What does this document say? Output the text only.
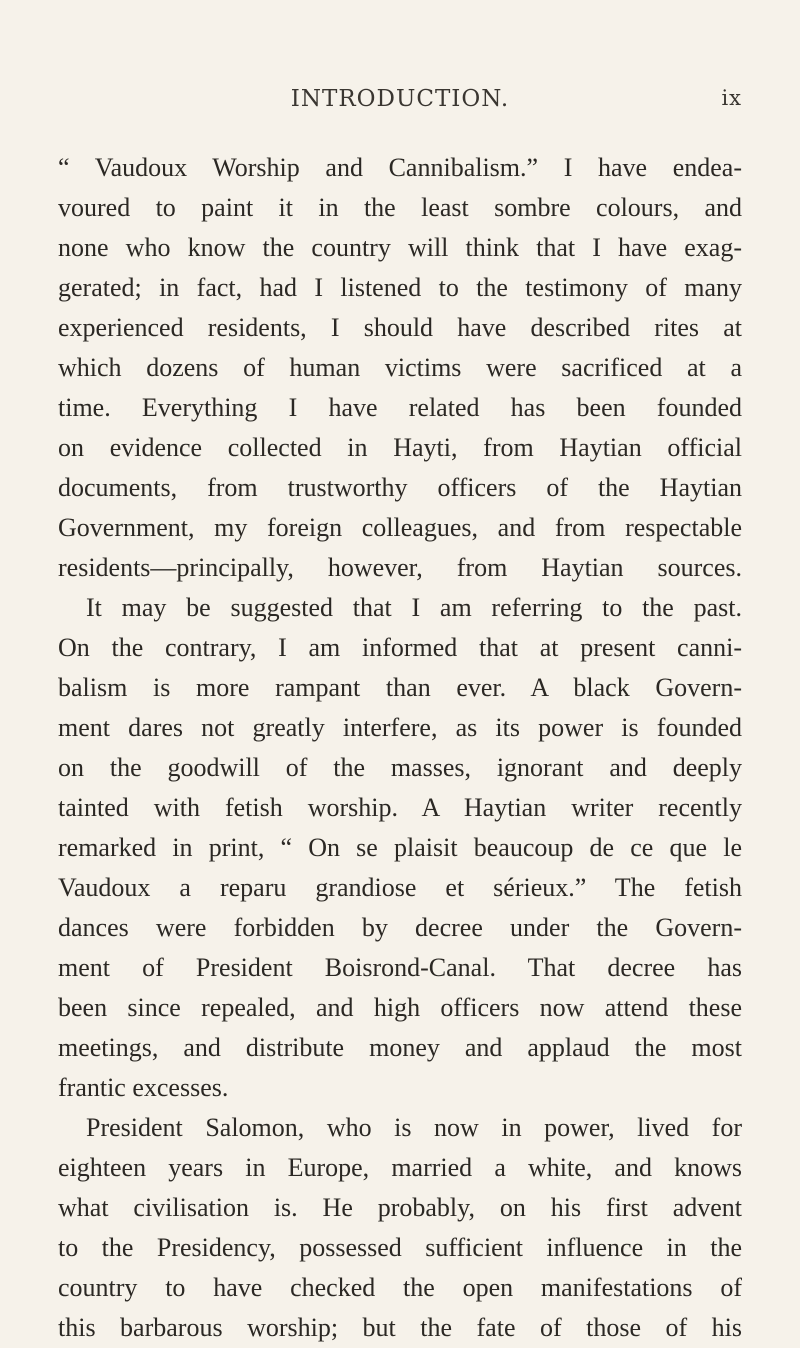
INTRODUCTION.	ix
“ Vaudoux Worship and Cannibalism.” I have endea-
voured to paint it in the least sombre colours, and
none who know the country will think that I have exag-
gerated; in fact, had I listened to the testimony of many
experienced residents, I should have described rites at
which dozens of human victims were sacrificed at a
time. Everything I have related has been founded
on evidence collected in Hayti, from Haytian official
documents, from trustworthy officers of the Haytian
Government, my foreign colleagues, and from respectable
residents—principally, however, from Haytian sources.
It may be suggested that I am referring to the past.
On the contrary, I am informed that at present canni-
balism is more rampant than ever. A black Govern-
ment dares not greatly interfere, as its power is founded
on the goodwill of the masses, ignorant and deeply
tainted with fetish worship. A Haytian writer recently
remarked in print, “ On se plaisit beaucoup de ce que le
Vaudoux a reparu grandiose et sérieux.” The fetish
dances were forbidden by decree under the Govern-
ment of President Boisrond-Canal. That decree has
been since repealed, and high officers now attend these
meetings, and distribute money and applaud the most
frantic excesses.
President Salomon, who is now in power, lived for
eighteen years in Europe, married a white, and knows
what civilisation is. He probably, on his first advent
to the Presidency, possessed sufficient influence in the
country to have checked the open manifestations of
this barbarous worship; but the fate of those of his
